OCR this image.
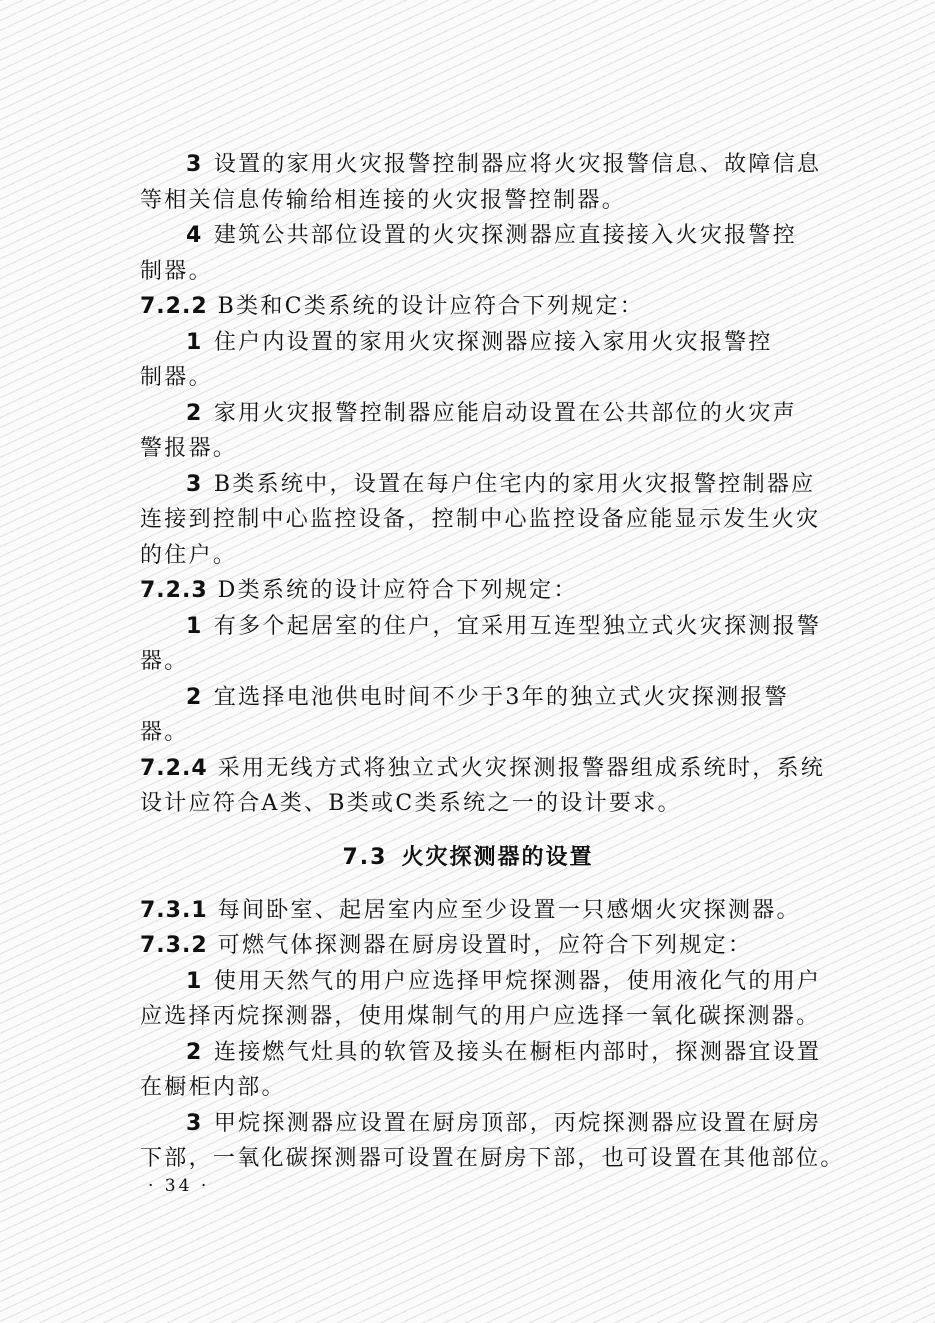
3 设置的家用火灾报警控制器应将火灾报警信息、故障信息
等相关信息传输给相连接的火灾报警控制器。
4 建筑公共部位设置的火灾探测器应直接接入火灾报警控
制器。
7.2.2 B类和C类系统的设计应符合下列规定：
1 住户内设置的家用火灾探测器应接入家用火灾报警控
制器。
2 家用火灾报警控制器应能启动设置在公共部位的火灾声
警报器。
3 B类系统中，设置在每户住宅内的家用火灾报警控制器应
连接到控制中心监控设备，控制中心监控设备应能显示发生火灾
的住户。
7.2.3 D类系统的设计应符合下列规定：
1 有多个起居室的住户，宜采用互连型独立式火灾探测报警
器。
2 宜选择电池供电时间不少于3年的独立式火灾探测报警
器。
7.2.4 采用无线方式将独立式火灾探测报警器组成系统时，系统
设计应符合A类、B类或C类系统之一的设计要求。
7.3 火灾探测器的设置
7.3.1 每间卧室、起居室内应至少设置一只感烟火灾探测器。
7.3.2 可燃气体探测器在厨房设置时，应符合下列规定：
1 使用天然气的用户应选择甲烷探测器，使用液化气的用户
应选择丙烷探测器，使用煤制气的用户应选择一氧化碳探测器。
2 连接燃气灶具的软管及接头在橱柜内部时，探测器宜设置
在橱柜内部。
3 甲烷探测器应设置在厨房顶部，丙烷探测器应设置在厨房
下部，一氧化碳探测器可设置在厨房下部，也可设置在其他部位。
· 34 ·
